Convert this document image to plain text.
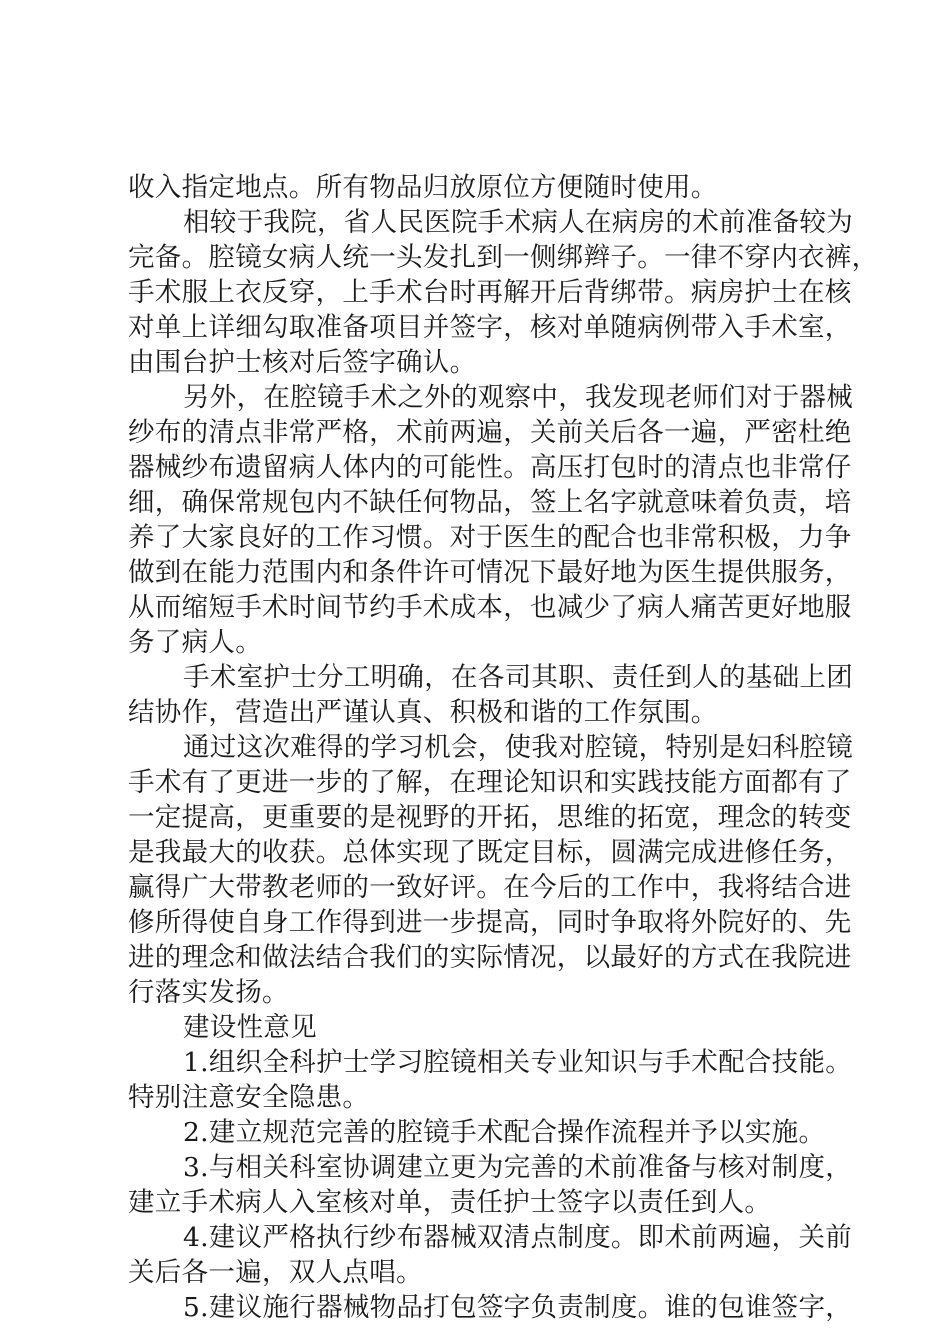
收入指定地点。所有物品归放原位方便随时使用。
相较于我院，省人民医院手术病人在病房的术前准备较为
完备。腔镜女病人统一头发扎到一侧绑辫子。一律不穿内衣裤，
手术服上衣反穿，上手术台时再解开后背绑带。病房护士在核
对单上详细勾取准备项目并签字，核对单随病例带入手术室，
由围台护士核对后签字确认。
另外，在腔镜手术之外的观察中，我发现老师们对于器械
纱布的清点非常严格，术前两遍，关前关后各一遍，严密杜绝
器械纱布遗留病人体内的可能性。高压打包时的清点也非常仔
细，确保常规包内不缺任何物品，签上名字就意味着负责，培
养了大家良好的工作习惯。对于医生的配合也非常积极，力争
做到在能力范围内和条件许可情况下最好地为医生提供服务，
从而缩短手术时间节约手术成本，也减少了病人痛苦更好地服
务了病人。
手术室护士分工明确，在各司其职、责任到人的基础上团
结协作，营造出严谨认真、积极和谐的工作氛围。
通过这次难得的学习机会，使我对腔镜，特别是妇科腔镜
手术有了更进一步的了解，在理论知识和实践技能方面都有了
一定提高，更重要的是视野的开拓，思维的拓宽，理念的转变
是我最大的收获。总体实现了既定目标，圆满完成进修任务，
赢得广大带教老师的一致好评。在今后的工作中，我将结合进
修所得使自身工作得到进一步提高，同时争取将外院好的、先
进的理念和做法结合我们的实际情况，以最好的方式在我院进
行落实发扬。
建设性意见
1.组织全科护士学习腔镜相关专业知识与手术配合技能。
特别注意安全隐患。
2.建立规范完善的腔镜手术配合操作流程并予以实施。
3.与相关科室协调建立更为完善的术前准备与核对制度，
建立手术病人入室核对单，责任护士签字以责任到人。
4.建议严格执行纱布器械双清点制度。即术前两遍，关前
关后各一遍，双人点唱。
5.建议施行器械物品打包签字负责制度。谁的包谁签字，
